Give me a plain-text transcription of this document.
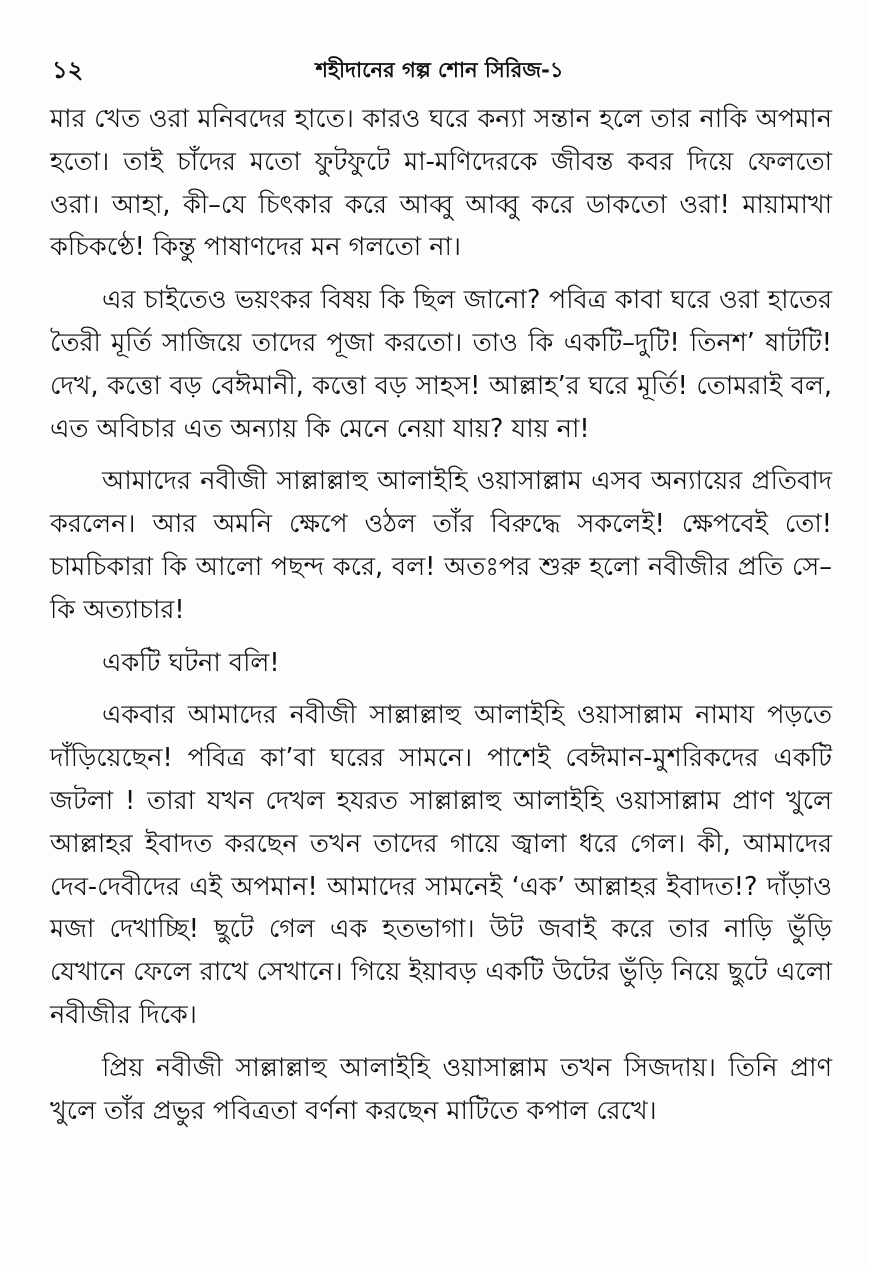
১২	শহীদানের গল্প শোন সিরিজ-১

মার খেত ওরা মনিবদের হাতে। কারও ঘরে কন্যা সন্তান হলে তার নাকি অপমান হতো। তাই চাঁদের মতো ফুটফুটে মা-মণিদেরকে জীবন্ত কবর দিয়ে ফেলতো ওরা। আহা, কী–যে চিৎকার করে আব্বু আব্বু করে ডাকতো ওরা! মায়ামাখা কচিকণ্ঠে! কিন্তু পাষাণদের মন গলতো না।

এর চাইতেও ভয়ংকর বিষয় কি ছিল জানো? পবিত্র কাবা ঘরে ওরা হাতের তৈরী মূর্তি সাজিয়ে তাদের পূজা করতো। তাও কি একটি–দুটি! তিনশ’ ষাটটি! দেখ, কত্তো বড় বেঈমানী, কত্তো বড় সাহস! আল্লাহ’র ঘরে মূর্তি! তোমরাই বল, এত অবিচার এত অন্যায় কি মেনে নেয়া যায়? যায় না!

আমাদের নবীজী সাল্লাল্লাহু আলাইহি ওয়াসাল্লাম এসব অন্যায়ের প্রতিবাদ করলেন। আর অমনি ক্ষেপে ওঠল তাঁর বিরুদ্ধে সকলেই! ক্ষেপবেই তো! চামচিকারা কি আলো পছন্দ করে, বল! অতঃপর শুরু হলো নবীজীর প্রতি সে–কি অত্যাচার!

একটি ঘটনা বলি!

একবার আমাদের নবীজী সাল্লাল্লাহু আলাইহি ওয়াসাল্লাম নামায পড়তে দাঁড়িয়েছেন! পবিত্র কা’বা ঘরের সামনে। পাশেই বেঈমান-মুশরিকদের একটি জটলা ! তারা যখন দেখল হযরত সাল্লাল্লাহু আলাইহি ওয়াসাল্লাম প্রাণ খুলে আল্লাহর ইবাদত করছেন তখন তাদের গায়ে জ্বালা ধরে গেল। কী, আমাদের দেব-দেবীদের এই অপমান! আমাদের সামনেই ‘এক’ আল্লাহর ইবাদত!? দাঁড়াও মজা দেখাচ্ছি! ছুটে গেল এক হতভাগা। উট জবাই করে তার নাড়ি ভুঁড়ি যেখানে ফেলে রাখে সেখানে। গিয়ে ইয়াবড় একটি উটের ভুঁড়ি নিয়ে ছুটে এলো নবীজীর দিকে।

প্রিয় নবীজী সাল্লাল্লাহু আলাইহি ওয়াসাল্লাম তখন সিজদায়। তিনি প্রাণ খুলে তাঁর প্রভুর পবিত্রতা বর্ণনা করছেন মাটিতে কপাল রেখে।
